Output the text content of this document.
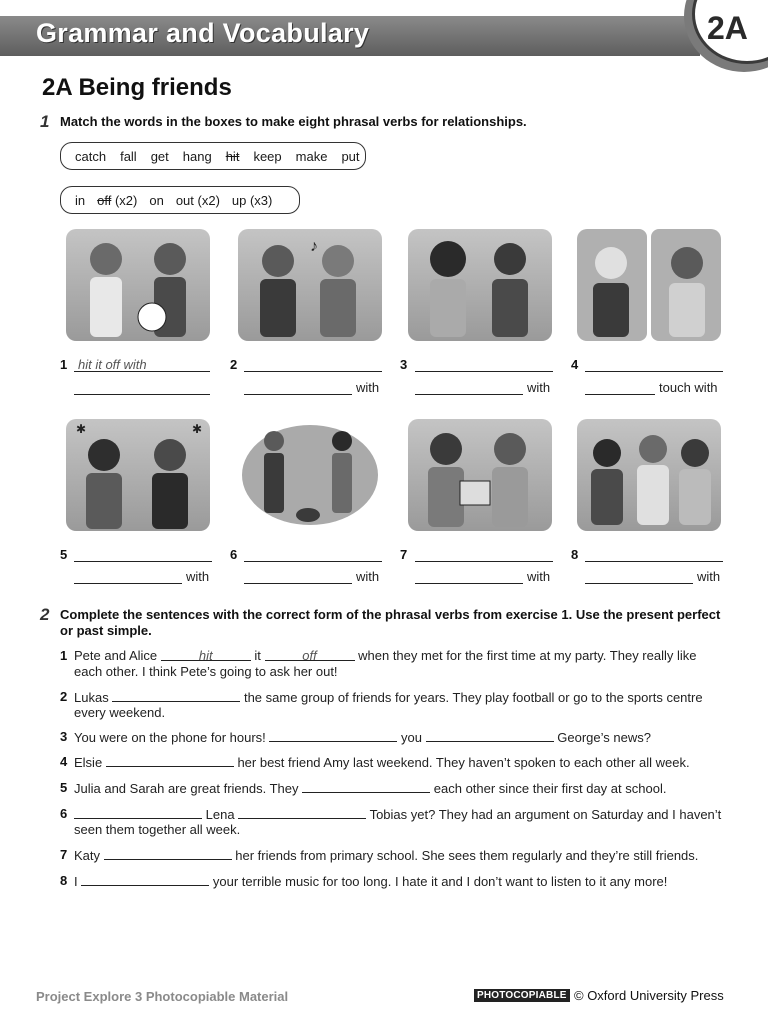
Grammar and Vocabulary	2A
2A Being friends
1 Match the words in the boxes to make eight phrasal verbs for relationships.
catch fall get hang hit keep make put
in off (x2) on out (x2) up (x3)
♪
1 hit it off with	2
with
3
with
4
touch with
✱	✱
5
with
6
with
7
with
8
with
2 Complete the sentences with the correct form of the phrasal verbs from exercise 1. Use the present perfect
or past simple.
1 Pete and Alice	hit	it	off	when they met for the first time at my party. They really like
each other. I think Pete’s going to ask her out!
2 Lukas	the same group of friends for years. They play football or go to the sports centre
every weekend.
3 You were on the phone for hours!	you	George’s news?
4 Elsie	her best friend Amy last weekend. They haven’t spoken to each other all week.
5 Julia and Sarah are great friends. They	each other since their first day at school.
6	Lena	Tobias yet? They had an argument on Saturday and I haven’t
seen them together all week.
7 Katy	her friends from primary school. She sees them regularly and they’re still friends.
8 I	your terrible music for too long. I hate it and I don’t want to listen to it any more!
Project Explore 3 Photocopiable Material	PHOTOCOPIABLE © Oxford University Press
